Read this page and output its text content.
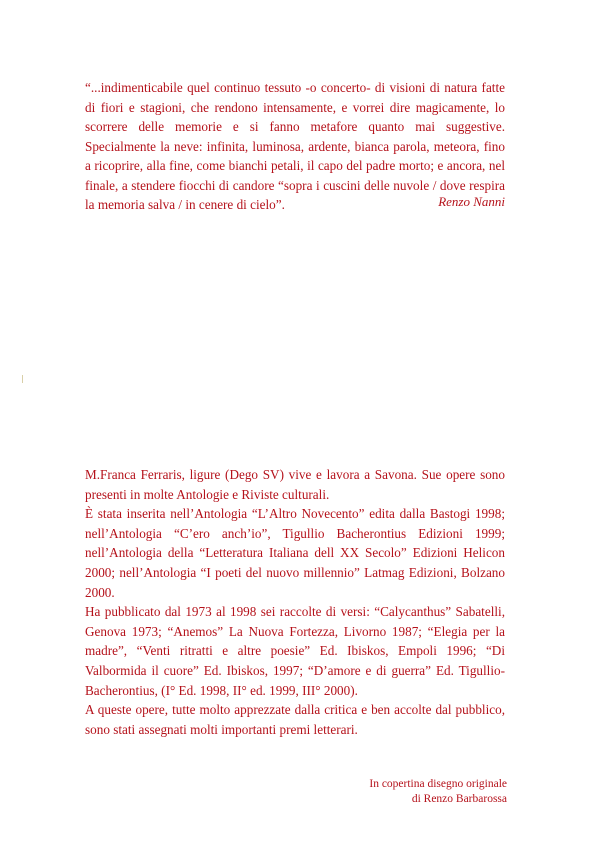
“...indimenticabile quel continuo tessuto -o concerto- di visioni di natura fatte di fiori e stagioni, che rendono intensamente, e vorrei dire magicamente, lo scorrere delle memorie e si fanno metafore quanto mai suggestive. Specialmente la neve: infinita, luminosa, ardente, bianca parola, meteora, fino a ricoprire, alla fine, come bianchi petali, il capo del padre morto; e ancora, nel finale, a stendere fiocchi di candore “sopra i cuscini delle nuvole / dove respira la memoria salva / in cenere di cielo”.	Renzo Nanni

M.Franca Ferraris, ligure (Dego SV) vive e lavora a Savona. Sue opere sono presenti in molte Antologie e Riviste culturali.

È stata inserita nell’Antologia “L’Altro Novecento” edita dalla Bastogi 1998; nell’Antologia “C’ero anch’io”, Tigullio Bacherontius Edizioni 1999; nell’Antologia della “Letteratura Italiana dell XX Secolo” Edizioni Helicon 2000; nell’Antologia “I poeti del nuovo millennio” Latmag Edizioni, Bolzano 2000.

Ha pubblicato dal 1973 al 1998 sei raccolte di versi: “Calycanthus” Sabatelli, Genova 1973; “Anemos” La Nuova Fortezza, Livorno 1987; “Elegia per la madre”, “Venti ritratti e altre poesie” Ed. Ibiskos, Empoli 1996; “Di Valbormida il cuore” Ed. Ibiskos, 1997; “D’amore e di guerra” Ed. Tigullio-Bacherontius, (I° Ed. 1998, II° ed. 1999, III° 2000).

A queste opere, tutte molto apprezzate dalla critica e ben accolte dal pubblico, sono stati assegnati molti importanti premi letterari.

In copertina disegno originale
di Renzo Barbarossa
